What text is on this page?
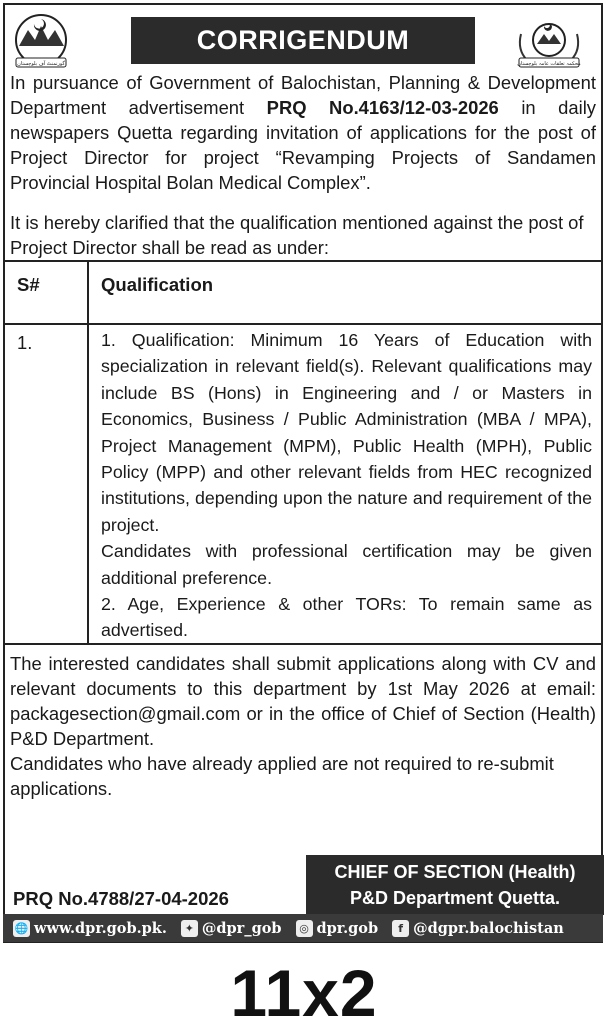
گورنمنٹ آف بلوچستان
CORRIGENDUM
محکمہ تعلقات عامہ بلوچستان

In pursuance of Government of Balochistan, Planning & Development Department advertisement PRQ No.4163/12-03-2026 in daily newspapers Quetta regarding invitation of applications for the post of Project Director for project “Revamping Projects of Sandamen Provincial Hospital Bolan Medical Complex”.

It is hereby clarified that the qualification mentioned against the post of Project Director shall be read as under:

S#	Qualification
1.	1. Qualification: Minimum 16 Years of Education with specialization in relevant field(s). Relevant qualifications may include BS (Hons) in Engineering and / or Masters in Economics, Business / Public Administration (MBA / MPA), Project Management (MPM), Public Health (MPH), Public Policy (MPP) and other relevant fields from HEC recognized institutions, depending upon the nature and requirement of the project.

Candidates with professional certification may be given additional preference.

2. Age, Experience & other TORs: To remain same as advertised.

The interested candidates shall submit applications along with CV and relevant documents to this department by 1st May 2026 at email: packagesection@gmail.com or in the office of Chief of Section (Health) P&D Department.

Candidates who have already applied are not required to re-submit applications.

CHIEF OF SECTION (Health)
P&D Department Quetta.
PRQ No.4788/27-04-2026
🌐 www.dpr.gob.pk.	✦ @dpr_gob	◎ dpr.gob	f @dgpr.balochistan
11x2
